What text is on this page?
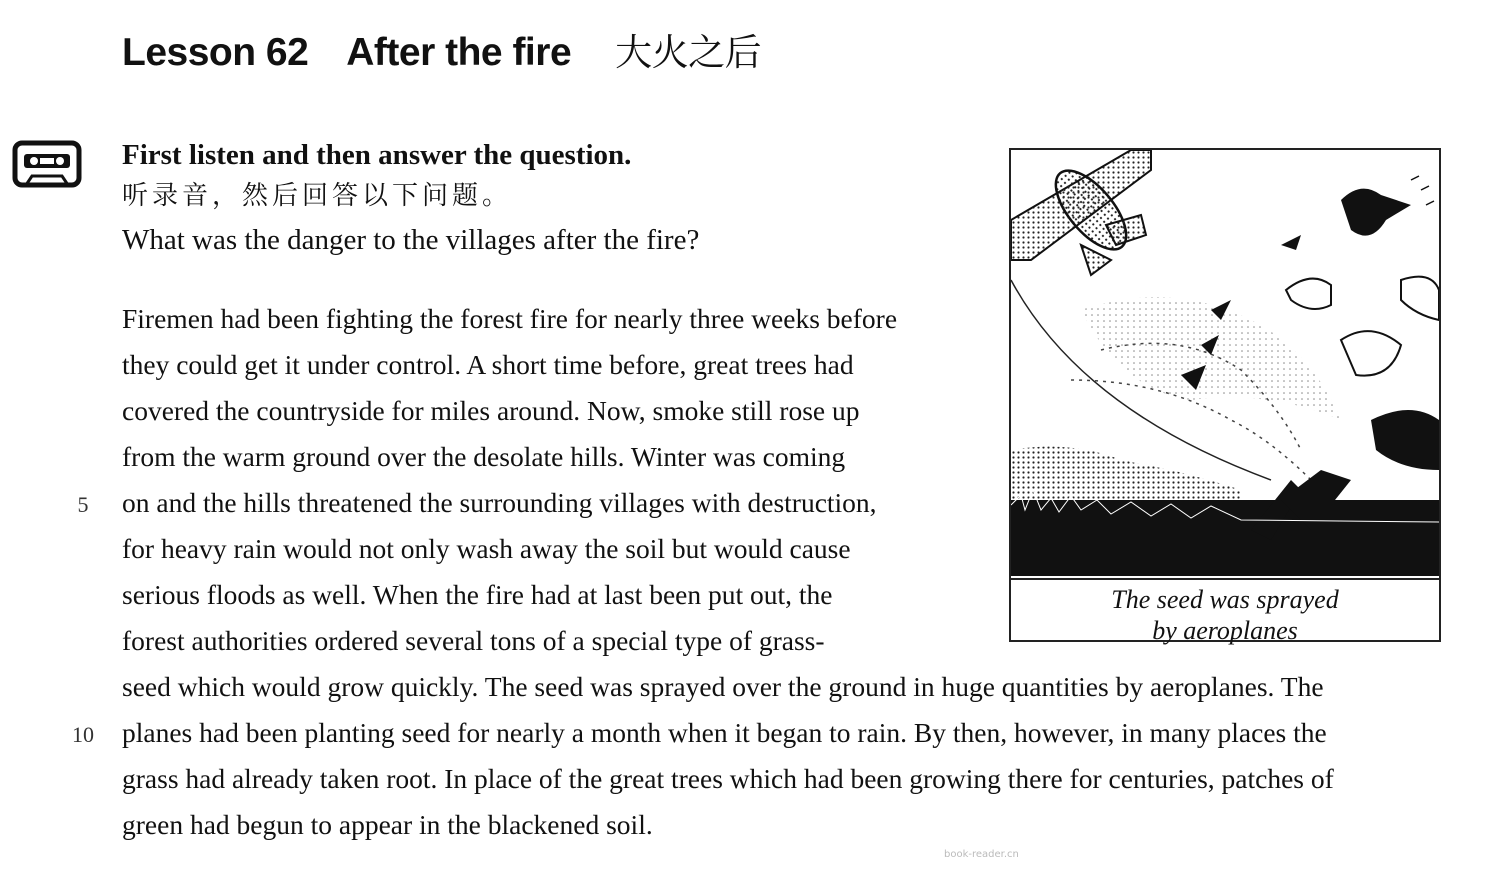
Lesson 62 After the fire 大火之后
First listen and then answer the question.
听录音，然后回答以下问题。
What was the danger to the villages after the fire?
Firemen had been fighting the forest fire for nearly three weeks before
they could get it under control. A short time before, great trees had
covered the countryside for miles around. Now, smoke still rose up
from the warm ground over the desolate hills. Winter was coming
on and the hills threatened the surrounding villages with destruction,
for heavy rain would not only wash away the soil but would cause
serious floods as well. When the fire had at last been put out, the
forest authorities ordered several tons of a special type of grass-
seed which would grow quickly. The seed was sprayed over the ground in huge quantities by aeroplanes. The
planes had been planting seed for nearly a month when it began to rain. By then, however, in many places the
grass had already taken root. In place of the great trees which had been growing there for centuries, patches of
green had begun to appear in the blackened soil.
5
10
The seed was sprayed
by aeroplanes
book-reader.cn
